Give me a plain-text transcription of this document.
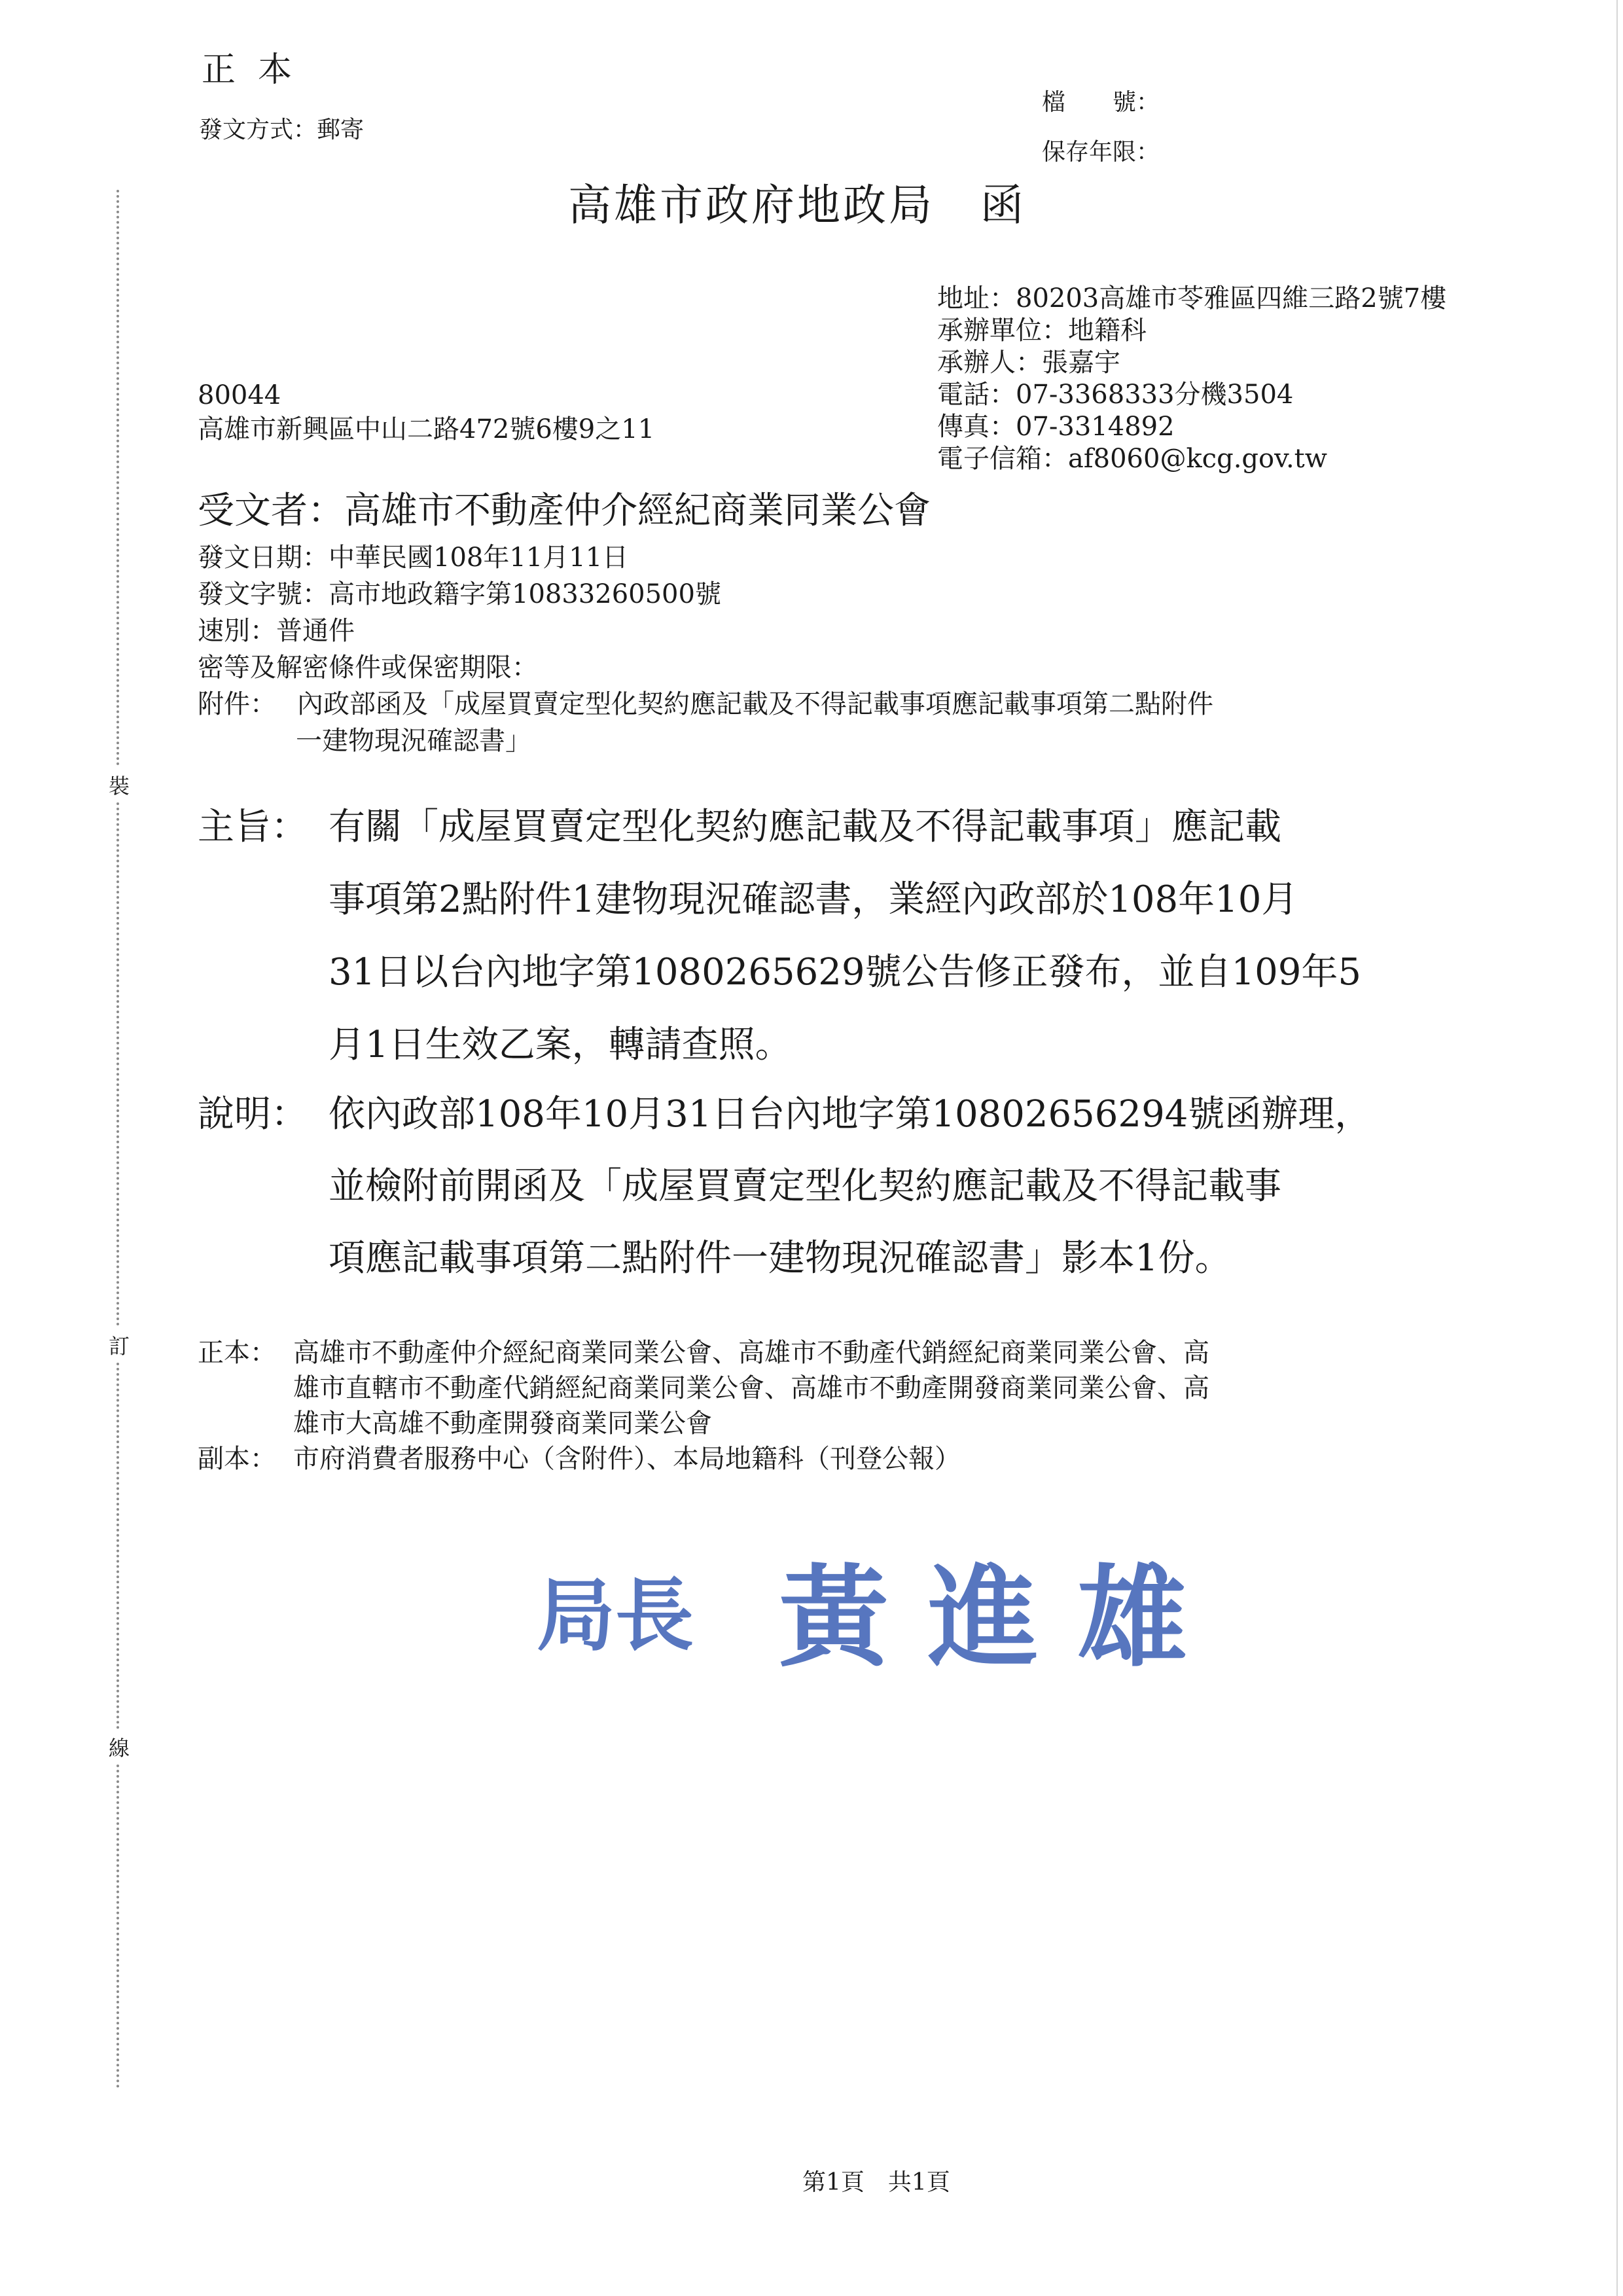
正本
發文方式：郵寄
檔　　號：
保存年限：
高雄市政府地政局　函
地址：80203高雄市苓雅區四維三路2號7樓
承辦單位：地籍科
承辦人：張嘉宇
電話：07-3368333分機3504
傳真：07-3314892
電子信箱：af8060@kcg.gov.tw
80044
高雄市新興區中山二路472號6樓9之11
受文者：高雄市不動產仲介經紀商業同業公會
發文日期：中華民國108年11月11日
發文字號：高市地政籍字第10833260500號
速別：普通件
密等及解密條件或保密期限：
附件： 內政部函及「成屋買賣定型化契約應記載及不得記載事項應記載事項第二點附件
一建物現況確認書」
主旨： 有關「成屋買賣定型化契約應記載及不得記載事項」應記載
事項第2點附件1建物現況確認書，業經內政部於108年10月
31日以台內地字第1080265629號公告修正發布，並自109年5
月1日生效乙案，轉請查照。
說明： 依內政部108年10月31日台內地字第10802656294號函辦理，
並檢附前開函及「成屋買賣定型化契約應記載及不得記載事
項應記載事項第二點附件一建物現況確認書」影本1份。
正本： 高雄市不動產仲介經紀商業同業公會、高雄市不動產代銷經紀商業同業公會、高
雄市直轄市不動產代銷經紀商業同業公會、高雄市不動產開發商業同業公會、高
雄市大高雄不動產開發商業同業公會
副本： 市府消費者服務中心（含附件）、本局地籍科（刊登公報）
裝
訂
線
局長 黃進雄
第1頁　共1頁
